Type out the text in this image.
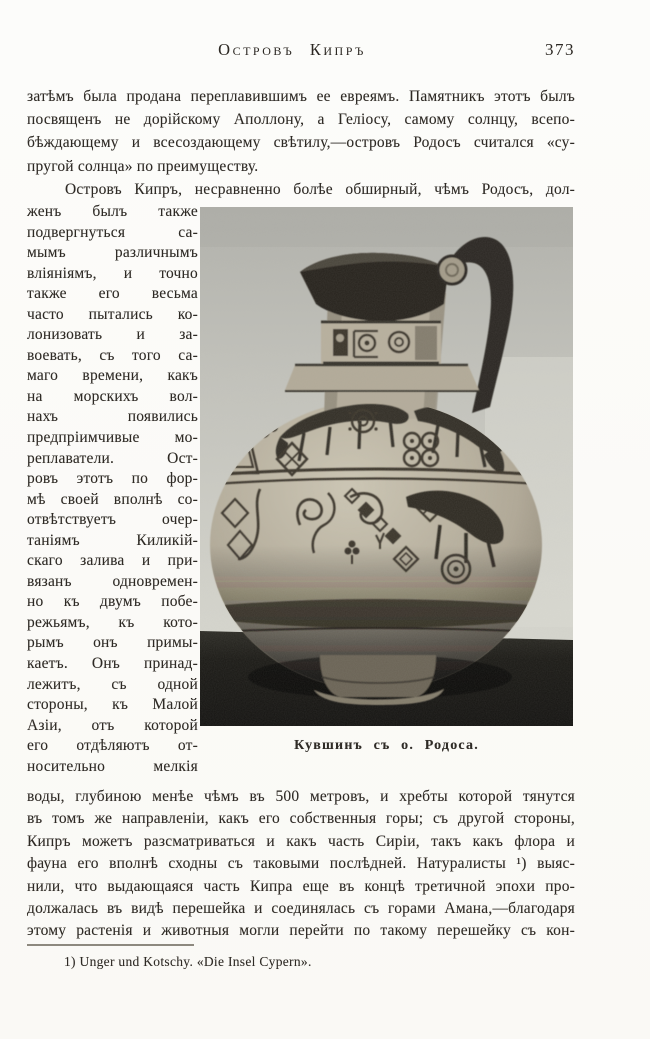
Островъ Кипръ	373
затѣмъ была продана переплавившимъ ее евреямъ. Памятникъ этотъ былъ
посвященъ не дорійскому Аполлону, а Геліосу, самому солнцу, всепо-
бѣждающему и всесоздающему свѣтилу,—островъ Родосъ считался «су-
пругой солнца» по преимуществу.
Островъ Кипръ, несравненно болѣе обширный, чѣмъ Родосъ, дол-
женъ былъ также
подвергнуться са-
мымъ различнымъ
вліяніямъ, и точно
также его весьма
часто пытались ко-
лонизовать и за-
воевать, съ того са-
маго времени, какъ
на морскихъ вол-
нахъ появились
предпріимчивые мо-
реплаватели. Ост-
ровъ этотъ по фор-
мѣ своей вполнѣ со-
отвѣтствуетъ очер-
таніямъ Киликій-
скаго залива и при-
вязанъ одновремен-
но къ двумъ побе-
режьямъ, къ кото-
рымъ онъ примы-
каетъ. Онъ принад-
лежитъ, съ одной
стороны, къ Малой
Азіи, отъ которой
его отдѣляютъ от-
носительно мелкія
Кувшинъ съ о. Родоса.
воды, глубиною менѣе чѣмъ въ 500 метровъ, и хребты которой тянутся
въ томъ же направленіи, какъ его собственныя горы; съ другой стороны,
Кипръ можетъ разсматриваться и какъ часть Сиріи, такъ какъ флора и
фауна его вполнѣ сходны съ таковыми послѣдней. Натуралисты ¹) выяс-
нили, что выдающаяся часть Кипра еще въ концѣ третичной эпохи про-
должалась въ видѣ перешейка и соединялась съ горами Амана,—благодаря
этому растенія и животныя могли перейти по такому перешейку съ кон-
1) Unger und Kotschy. «Die Insel Cypern».
